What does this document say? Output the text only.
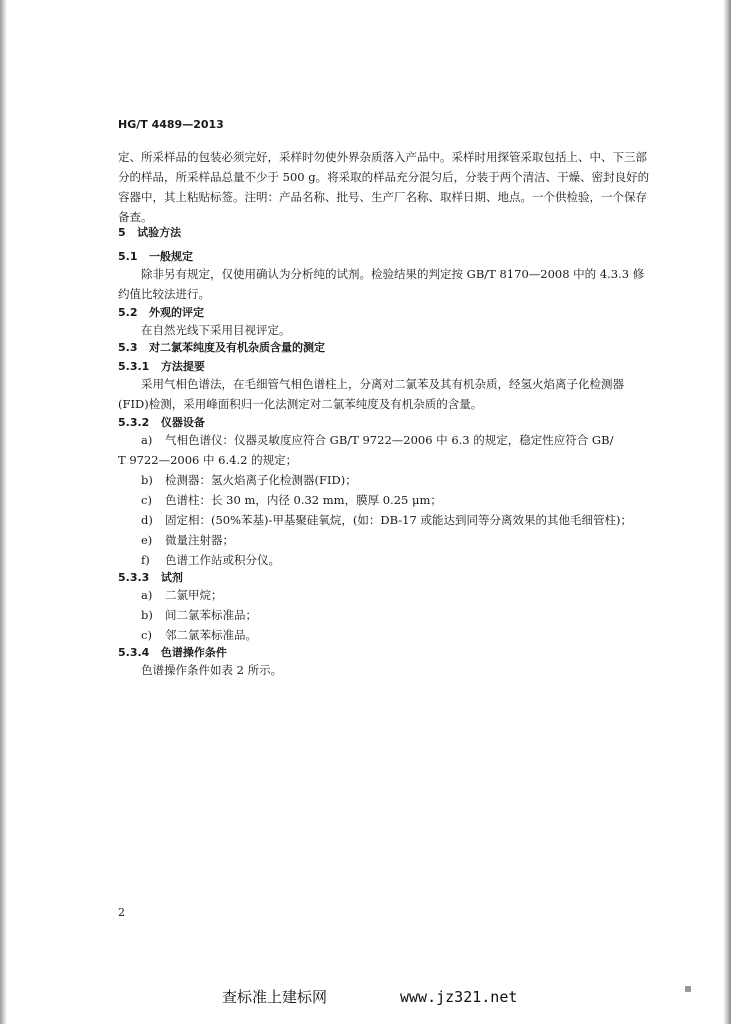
HG/T 4489—2013
定、所采样品的包装必须完好，采样时勿使外界杂质落入产品中。采样时用探管采取包括上、中、下三部
分的样品，所采样品总量不少于 500 g。将采取的样品充分混匀后，分装于两个清洁、干燥、密封良好的
容器中，其上粘贴标签。注明：产品名称、批号、生产厂名称、取样日期、地点。一个供检验，一个保存
备查。
5 试验方法
5.1 一般规定
除非另有规定，仅使用确认为分析纯的试剂。检验结果的判定按 GB/T 8170—2008 中的 4.3.3 修
约值比较法进行。
5.2 外观的评定
在自然光线下采用目视评定。
5.3 对二氯苯纯度及有机杂质含量的测定
5.3.1 方法提要
采用气相色谱法，在毛细管气相色谱柱上，分离对二氯苯及其有机杂质，经氢火焰离子化检测器
(FID)检测，采用峰面积归一化法测定对二氯苯纯度及有机杂质的含量。
5.3.2 仪器设备
a) 气相色谱仪：仪器灵敏度应符合 GB/T 9722—2006 中 6.3 的规定，稳定性应符合 GB/
T 9722—2006 中 6.4.2 的规定；
b) 检测器：氢火焰离子化检测器(FID)；
c) 色谱柱：长 30 m，内径 0.32 mm，膜厚 0.25 μm；
d) 固定相：(50%苯基)-甲基聚硅氧烷，(如：DB-17 或能达到同等分离效果的其他毛细管柱)；
e) 微量注射器；
f) 色谱工作站或积分仪。
5.3.3 试剂
a) 二氯甲烷；
b) 间二氯苯标准品；
c) 邻二氯苯标准品。
5.3.4 色谱操作条件
色谱操作条件如表 2 所示。
2
查标准上建标网	www.jz321.net
